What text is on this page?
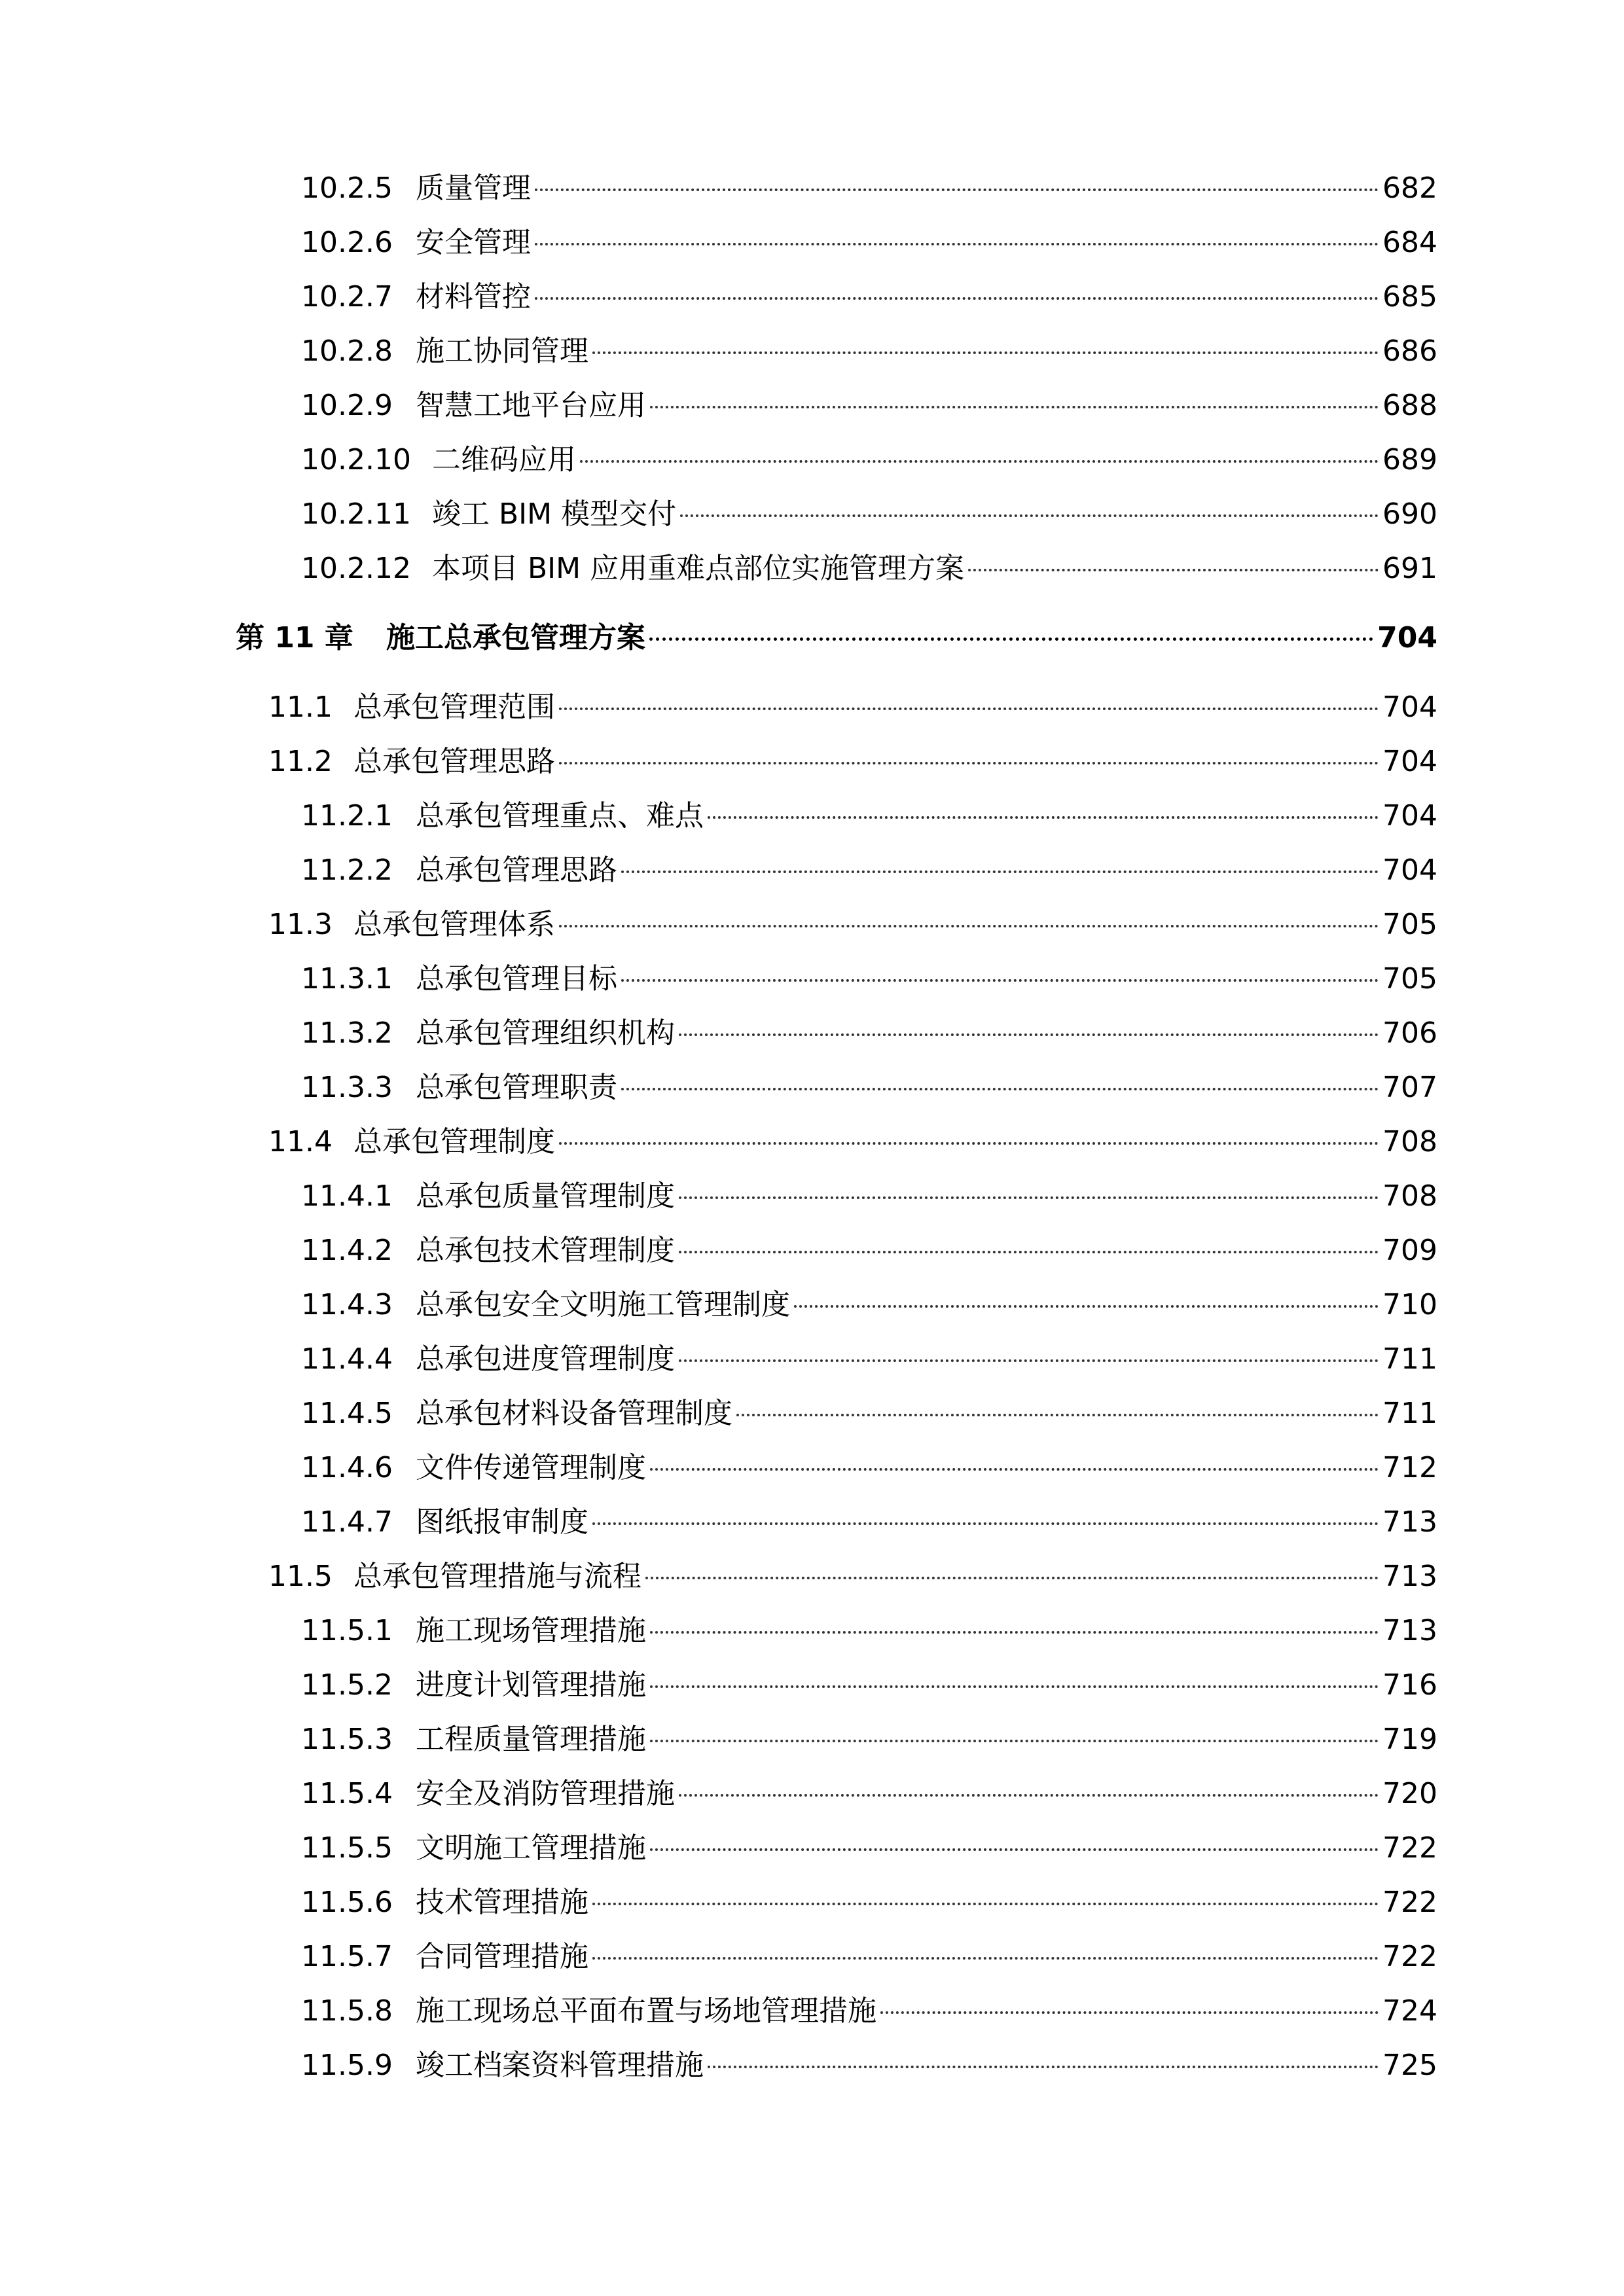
10.2.5 质量管理	682
10.2.6 安全管理	684
10.2.7 材料管控	685
10.2.8 施工协同管理	686
10.2.9 智慧工地平台应用	688
10.2.10 二维码应用	689
10.2.11 竣工 BIM 模型交付	690
10.2.12 本项目 BIM 应用重难点部位实施管理方案	691
第 11 章	施工总承包管理方案	704
11.1 总承包管理范围	704
11.2 总承包管理思路	704
11.2.1 总承包管理重点、难点	704
11.2.2 总承包管理思路	704
11.3 总承包管理体系	705
11.3.1 总承包管理目标	705
11.3.2 总承包管理组织机构	706
11.3.3 总承包管理职责	707
11.4 总承包管理制度	708
11.4.1 总承包质量管理制度	708
11.4.2 总承包技术管理制度	709
11.4.3 总承包安全文明施工管理制度	710
11.4.4 总承包进度管理制度	711
11.4.5 总承包材料设备管理制度	711
11.4.6 文件传递管理制度	712
11.4.7 图纸报审制度	713
11.5 总承包管理措施与流程	713
11.5.1 施工现场管理措施	713
11.5.2 进度计划管理措施	716
11.5.3 工程质量管理措施	719
11.5.4 安全及消防管理措施	720
11.5.5 文明施工管理措施	722
11.5.6 技术管理措施	722
11.5.7 合同管理措施	722
11.5.8 施工现场总平面布置与场地管理措施	724
11.5.9 竣工档案资料管理措施	725
